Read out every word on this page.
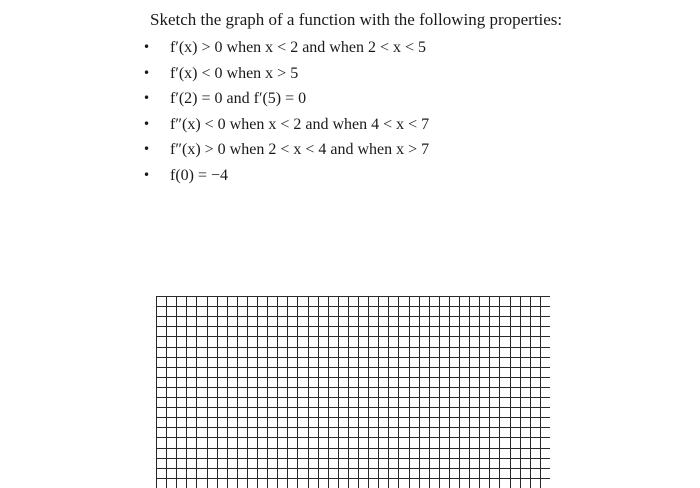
Sketch the graph of a function with the following properties:

• f′(x) > 0 when x < 2 and when 2 < x < 5
• f′(x) < 0 when x > 5
• f′(2) = 0 and f′(5) = 0
• f″(x) < 0 when x < 2 and when 4 < x < 7
• f″(x) > 0 when 2 < x < 4 and when x > 7
• f(0) = −4
